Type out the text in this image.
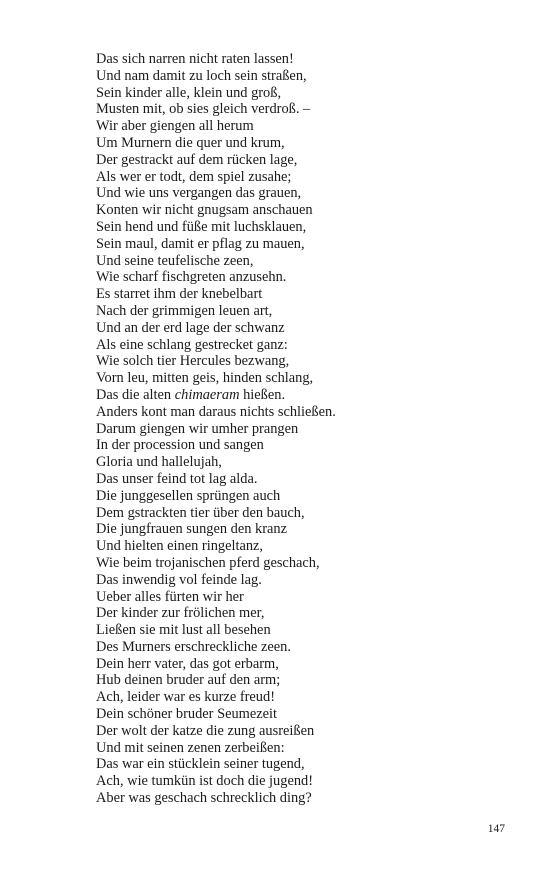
Das sich narren nicht raten lassen!
Und nam damit zu loch sein straßen,
Sein kinder alle, klein und groß,
Musten mit, ob sies gleich verdroß. –
Wir aber giengen all herum
Um Murnern die quer und krum,
Der gestrackt auf dem rücken lage,
Als wer er todt, dem spiel zusahe;
Und wie uns vergangen das grauen,
Konten wir nicht gnugsam anschauen
Sein hend und füße mit luchsklauen,
Sein maul, damit er pflag zu mauen,
Und seine teufelische zeen,
Wie scharf fischgreten anzusehn.
Es starret ihm der knebelbart
Nach der grimmigen leuen art,
Und an der erd lage der schwanz
Als eine schlang gestrecket ganz:
Wie solch tier Hercules bezwang,
Vorn leu, mitten geis, hinden schlang,
Das die alten chimaeram hießen.
Anders kont man daraus nichts schließen.
Darum giengen wir umher prangen
In der procession und sangen
Gloria und hallelujah,
Das unser feind tot lag alda.
Die junggesellen sprüngen auch
Dem gstrackten tier über den bauch,
Die jungfrauen sungen den kranz
Und hielten einen ringeltanz,
Wie beim trojanischen pferd geschach,
Das inwendig vol feinde lag.
Ueber alles fürten wir her
Der kinder zur frölichen mer,
Ließen sie mit lust all besehen
Des Murners erschreckliche zeen.
Dein herr vater, das got erbarm,
Hub deinen bruder auf den arm;
Ach, leider war es kurze freud!
Dein schöner bruder Seumezeit
Der wolt der katze die zung ausreißen
Und mit seinen zenen zerbeißen:
Das war ein stücklein seiner tugend,
Ach, wie tumkün ist doch die jugend!
Aber was geschach schrecklich ding?
147
